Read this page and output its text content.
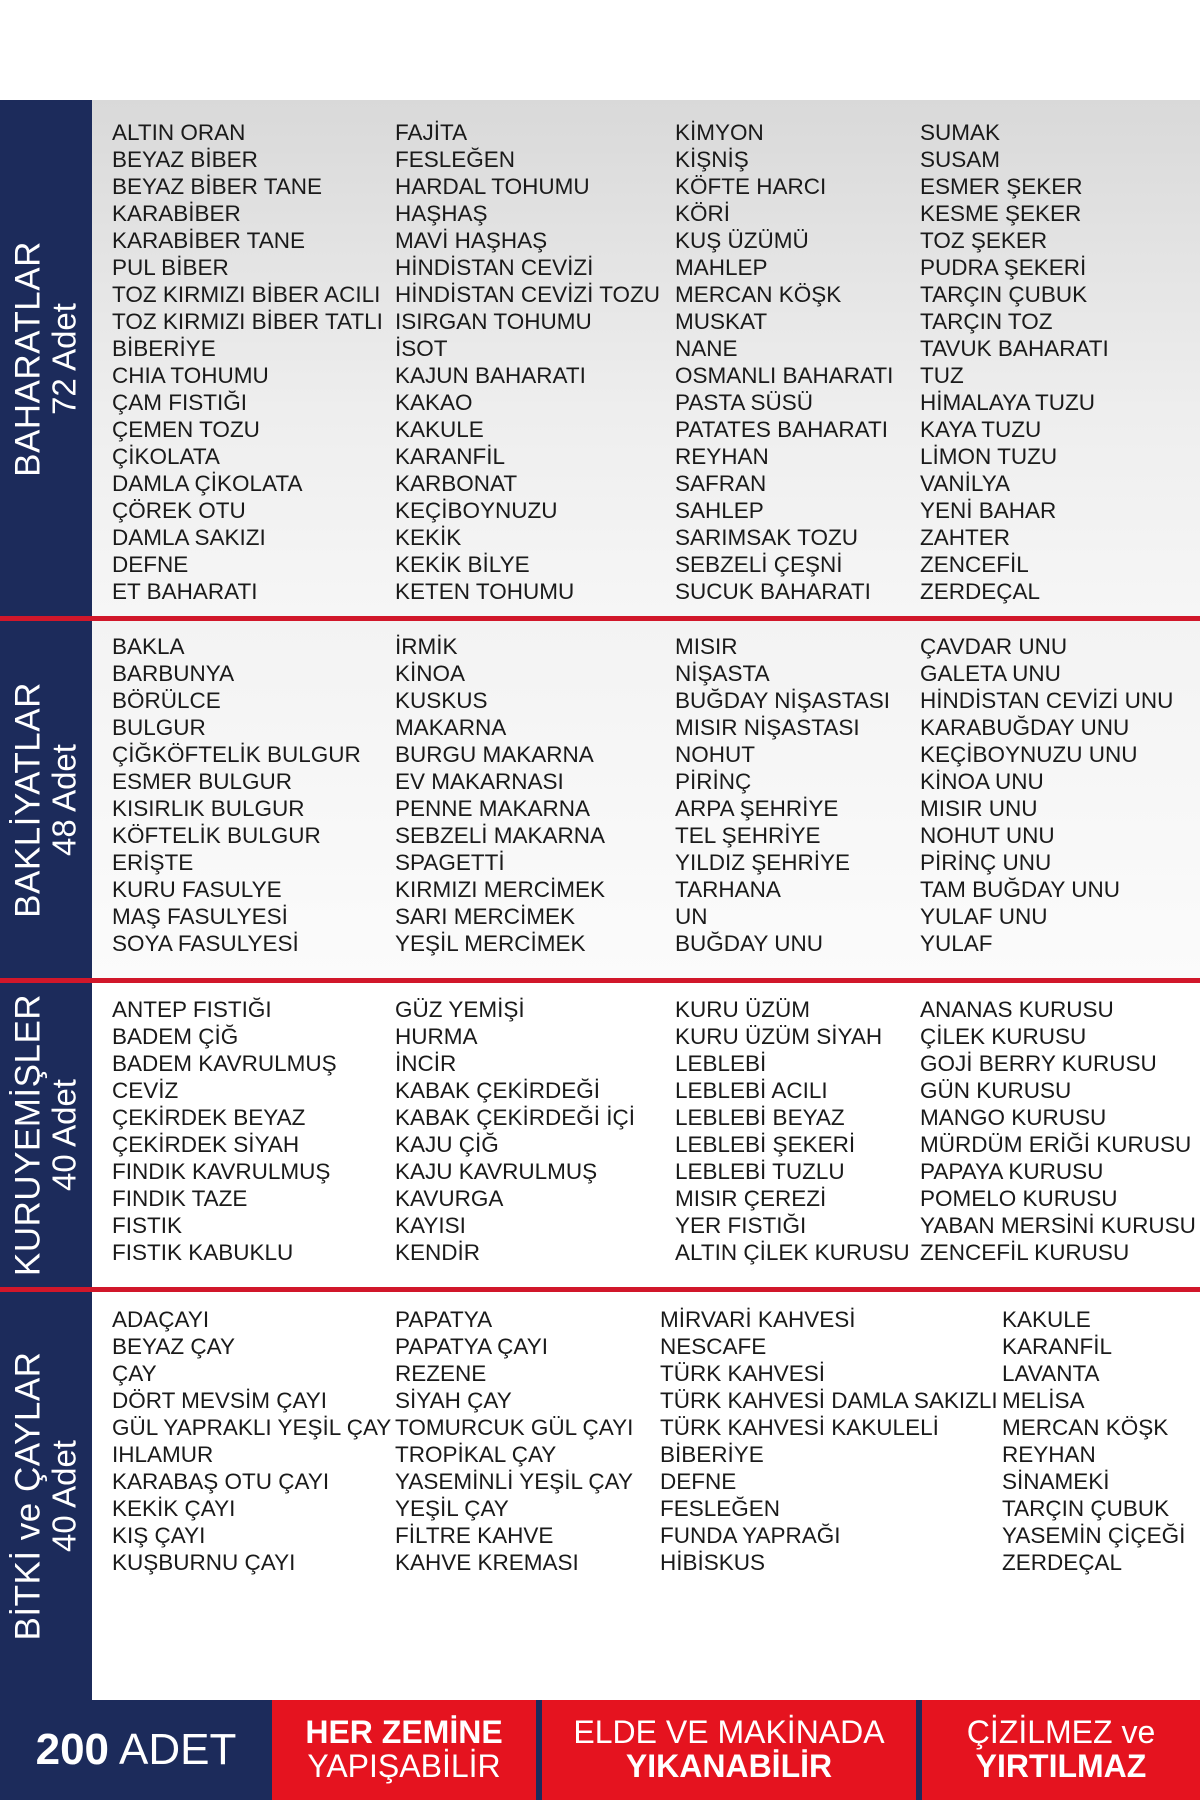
BAHARATLAR
72 Adet
ALTIN ORAN
BEYAZ BİBER
BEYAZ BİBER TANE
KARABİBER
KARABİBER TANE
PUL BİBER
TOZ KIRMIZI BİBER ACILI
TOZ KIRMIZI BİBER TATLI
BİBERİYE
CHIA TOHUMU
ÇAM FISTIĞI
ÇEMEN TOZU
ÇİKOLATA
DAMLA ÇİKOLATA
ÇÖREK OTU
DAMLA SAKIZI
DEFNE
ET BAHARATI
FAJİTA
FESLEĞEN
HARDAL TOHUMU
HAŞHAŞ
MAVİ HAŞHAŞ
HİNDİSTAN CEVİZİ
HİNDİSTAN CEVİZİ TOZU
ISIRGAN TOHUMU
İSOT
KAJUN BAHARATI
KAKAO
KAKULE
KARANFİL
KARBONAT
KEÇİBOYNUZU
KEKİK
KEKİK BİLYE
KETEN TOHUMU
KİMYON
KİŞNİŞ
KÖFTE HARCI
KÖRİ
KUŞ ÜZÜMÜ
MAHLEP
MERCAN KÖŞK
MUSKAT
NANE
OSMANLI BAHARATI
PASTA SÜSÜ
PATATES BAHARATI
REYHAN
SAFRAN
SAHLEP
SARIMSAK TOZU
SEBZELİ ÇEŞNİ
SUCUK BAHARATI
SUMAK
SUSAM
ESMER ŞEKER
KESME ŞEKER
TOZ ŞEKER
PUDRA ŞEKERİ
TARÇIN ÇUBUK
TARÇIN TOZ
TAVUK BAHARATI
TUZ
HİMALAYA TUZU
KAYA TUZU
LİMON TUZU
VANİLYA
YENİ BAHAR
ZAHTER
ZENCEFİL
ZERDEÇAL
BAKLİYATLAR
48 Adet
BAKLA
BARBUNYA
BÖRÜLCE
BULGUR
ÇİĞKÖFTELİK BULGUR
ESMER BULGUR
KISIRLIK BULGUR
KÖFTELİK BULGUR
ERİŞTE
KURU FASULYE
MAŞ FASULYESİ
SOYA FASULYESİ
İRMİK
KİNOA
KUSKUS
MAKARNA
BURGU MAKARNA
EV MAKARNASI
PENNE MAKARNA
SEBZELİ MAKARNA
SPAGETTİ
KIRMIZI MERCİMEK
SARI MERCİMEK
YEŞİL MERCİMEK
MISIR
NİŞASTA
BUĞDAY NİŞASTASI
MISIR NİŞASTASI
NOHUT
PİRİNÇ
ARPA ŞEHRİYE
TEL ŞEHRİYE
YILDIZ ŞEHRİYE
TARHANA
UN
BUĞDAY UNU
ÇAVDAR UNU
GALETA UNU
HİNDİSTAN CEVİZİ UNU
KARABUĞDAY UNU
KEÇİBOYNUZU UNU
KİNOA UNU
MISIR UNU
NOHUT UNU
PİRİNÇ UNU
TAM BUĞDAY UNU
YULAF UNU
YULAF
KURUYEMİŞLER
40 Adet
ANTEP FISTIĞI
BADEM ÇİĞ
BADEM KAVRULMUŞ
CEVİZ
ÇEKİRDEK BEYAZ
ÇEKİRDEK SİYAH
FINDIK KAVRULMUŞ
FINDIK TAZE
FISTIK
FISTIK KABUKLU
GÜZ YEMİŞİ
HURMA
İNCİR
KABAK ÇEKİRDEĞİ
KABAK ÇEKİRDEĞİ İÇİ
KAJU ÇİĞ
KAJU KAVRULMUŞ
KAVURGA
KAYISI
KENDİR
KURU ÜZÜM
KURU ÜZÜM SİYAH
LEBLEBİ
LEBLEBİ ACILI
LEBLEBİ BEYAZ
LEBLEBİ ŞEKERİ
LEBLEBİ TUZLU
MISIR ÇEREZİ
YER FISTIĞI
ALTIN ÇİLEK KURUSU
ANANAS KURUSU
ÇİLEK KURUSU
GOJİ BERRY KURUSU
GÜN KURUSU
MANGO KURUSU
MÜRDÜM ERİĞİ KURUSU
PAPAYA KURUSU
POMELO KURUSU
YABAN MERSİNİ KURUSU
ZENCEFİL KURUSU
BİTKİ ve ÇAYLAR
40 Adet
ADAÇAYI
BEYAZ ÇAY
ÇAY
DÖRT MEVSİM ÇAYI
GÜL YAPRAKLI YEŞİL ÇAY
IHLAMUR
KARABAŞ OTU ÇAYI
KEKİK ÇAYI
KIŞ ÇAYI
KUŞBURNU ÇAYI
PAPATYA
PAPATYA ÇAYI
REZENE
SİYAH ÇAY
TOMURCUK GÜL ÇAYI
TROPİKAL ÇAY
YASEMİNLİ YEŞİL ÇAY
YEŞİL ÇAY
FİLTRE KAHVE
KAHVE KREMASI
MİRVARİ KAHVESİ
NESCAFE
TÜRK KAHVESİ
TÜRK KAHVESİ DAMLA SAKIZLI
TÜRK KAHVESİ KAKULELİ
BİBERİYE
DEFNE
FESLEĞEN
FUNDA YAPRAĞI
HİBİSKUS
KAKULE
KARANFİL
LAVANTA
MELİSA
MERCAN KÖŞK
REYHAN
SİNAMEKİ
TARÇIN ÇUBUK
YASEMİN ÇİÇEĞİ
ZERDEÇAL
200 ADET HER ZEMİNE
YAPIŞABİLİR
ELDE VE MAKİNADA
YIKANABİLİR
ÇİZİLMEZ ve
YIRTILMAZ
